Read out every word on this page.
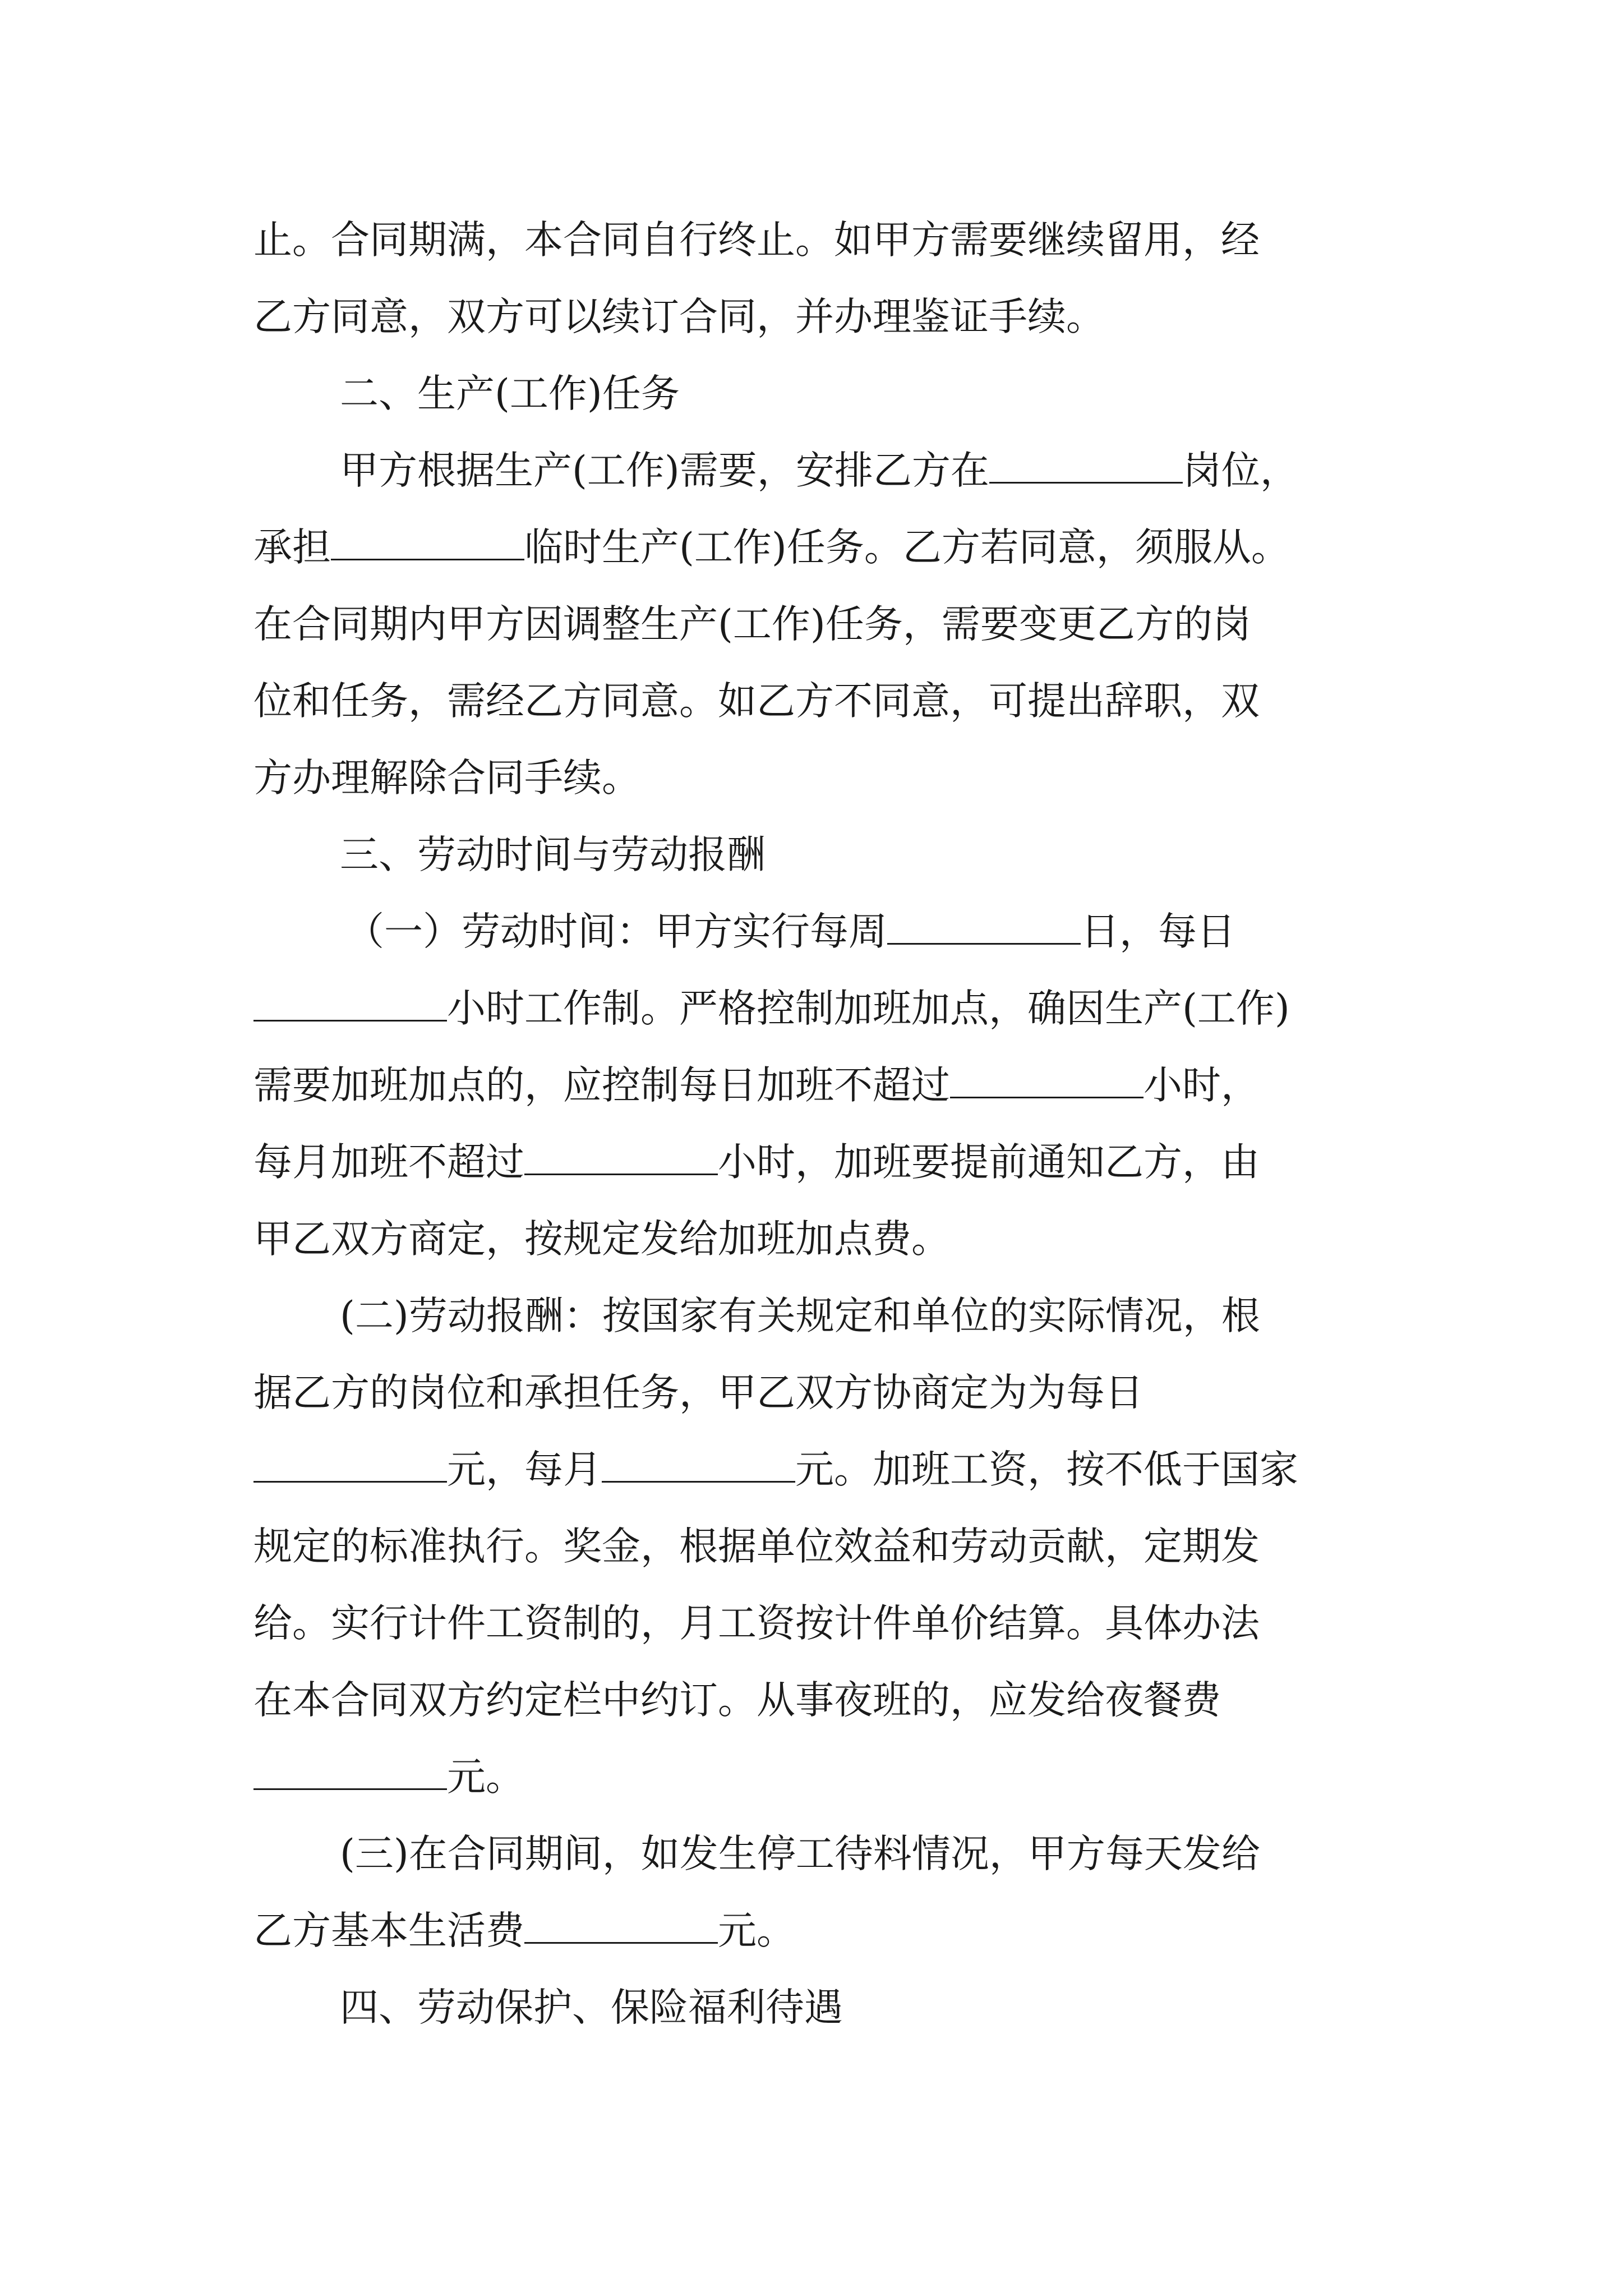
止。合同期满，本合同自行终止。如甲方需要继续留用，经
乙方同意，双方可以续订合同，并办理鉴证手续。
二、生产(工作)任务
甲方根据生产(工作)需要，安排乙方在	岗位，
承担	临时生产(工作)任务。乙方若同意，须服从。
在合同期内甲方因调整生产(工作)任务，需要变更乙方的岗
位和任务，需经乙方同意。如乙方不同意，可提出辞职，双
方办理解除合同手续。
三、劳动时间与劳动报酬
（一）劳动时间：甲方实行每周	日，每日
小时工作制。严格控制加班加点，确因生产(工作)
需要加班加点的，应控制每日加班不超过	小时，
每月加班不超过	小时，加班要提前通知乙方，由
甲乙双方商定，按规定发给加班加点费。
(二)劳动报酬：按国家有关规定和单位的实际情况，根
据乙方的岗位和承担任务，甲乙双方协商定为为每日
元，每月	元。加班工资，按不低于国家
规定的标准执行。奖金，根据单位效益和劳动贡献，定期发
给。实行计件工资制的，月工资按计件单价结算。具体办法
在本合同双方约定栏中约订。从事夜班的，应发给夜餐费
元。
(三)在合同期间，如发生停工待料情况，甲方每天发给
乙方基本生活费	元。
四、劳动保护、保险福利待遇
